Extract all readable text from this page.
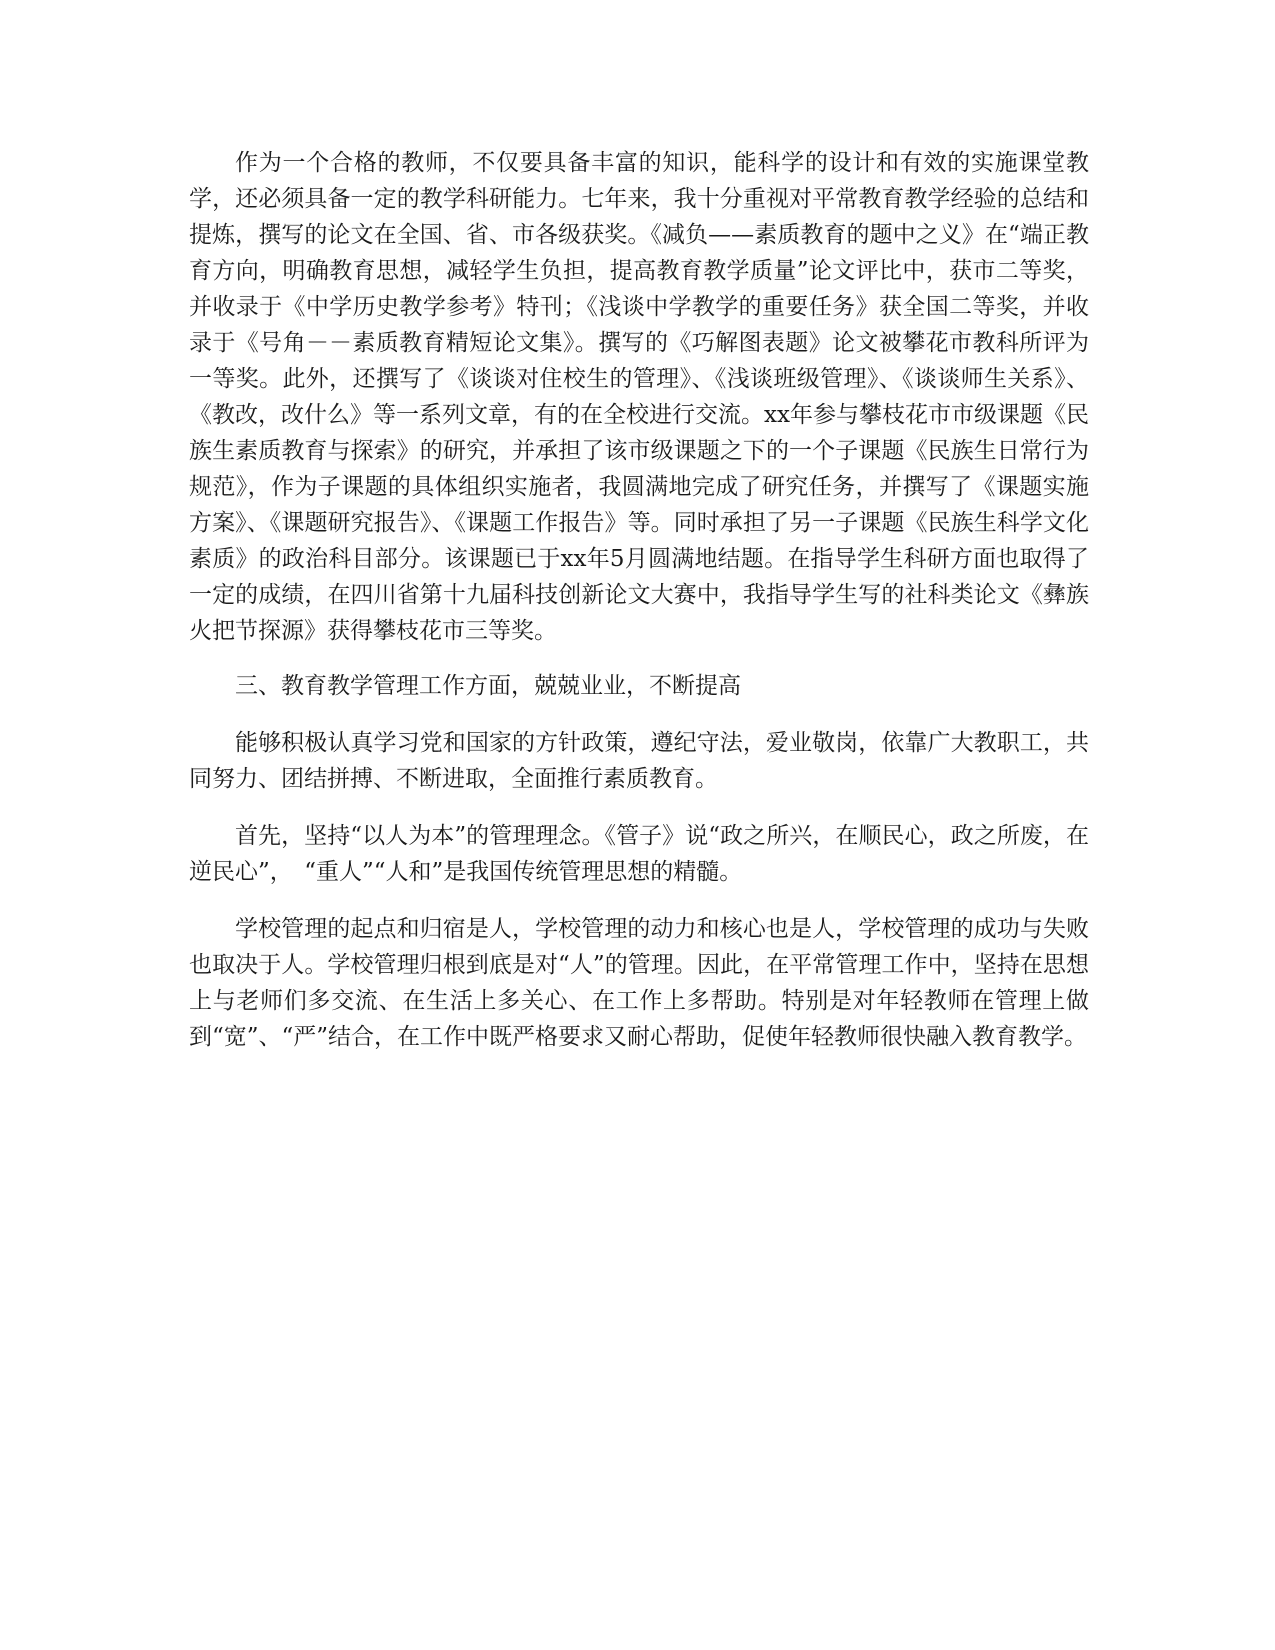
作为一个合格的教师，不仅要具备丰富的知识，能科学的设计和有效的实施课堂教学，还必须具备一定的教学科研能力。七年来，我十分重视对平常教育教学经验的总结和提炼，撰写的论文在全国、省、市各级获奖。《减负——素质教育的题中之义》在“端正教育方向，明确教育思想，减轻学生负担，提高教育教学质量”论文评比中，获市二等奖，并收录于《中学历史教学参考》特刊；《浅谈中学教学的重要任务》获全国二等奖，并收录于《号角－－素质教育精短论文集》。撰写的《巧解图表题》论文被攀花市教科所评为一等奖。此外，还撰写了《谈谈对住校生的管理》、《浅谈班级管理》、《谈谈师生关系》、《教改，改什么》等一系列文章，有的在全校进行交流。xx年参与攀枝花市市级课题《民族生素质教育与探索》的研究，并承担了该市级课题之下的一个子课题《民族生日常行为规范》，作为子课题的具体组织实施者，我圆满地完成了研究任务，并撰写了《课题实施方案》、《课题研究报告》、《课题工作报告》等。同时承担了另一子课题《民族生科学文化素质》的政治科目部分。该课题已于xx年5月圆满地结题。在指导学生科研方面也取得了一定的成绩，在四川省第十九届科技创新论文大赛中，我指导学生写的社科类论文《彝族火把节探源》获得攀枝花市三等奖。

三、教育教学管理工作方面，兢兢业业，不断提高

能够积极认真学习党和国家的方针政策，遵纪守法，爱业敬岗，依靠广大教职工，共同努力、团结拼搏、不断进取，全面推行素质教育。

首先，坚持“以人为本”的管理理念。《管子》说“政之所兴，在顺民心，政之所废，在逆民心”，　“重人”“人和”是我国传统管理思想的精髓。

学校管理的起点和归宿是人，学校管理的动力和核心也是人，学校管理的成功与失败也取决于人。学校管理归根到底是对“人”的管理。因此，在平常管理工作中，坚持在思想上与老师们多交流、在生活上多关心、在工作上多帮助。特别是对年轻教师在管理上做到“宽”、“严”结合，在工作中既严格要求又耐心帮助，促使年轻教师很快融入教育教学。
